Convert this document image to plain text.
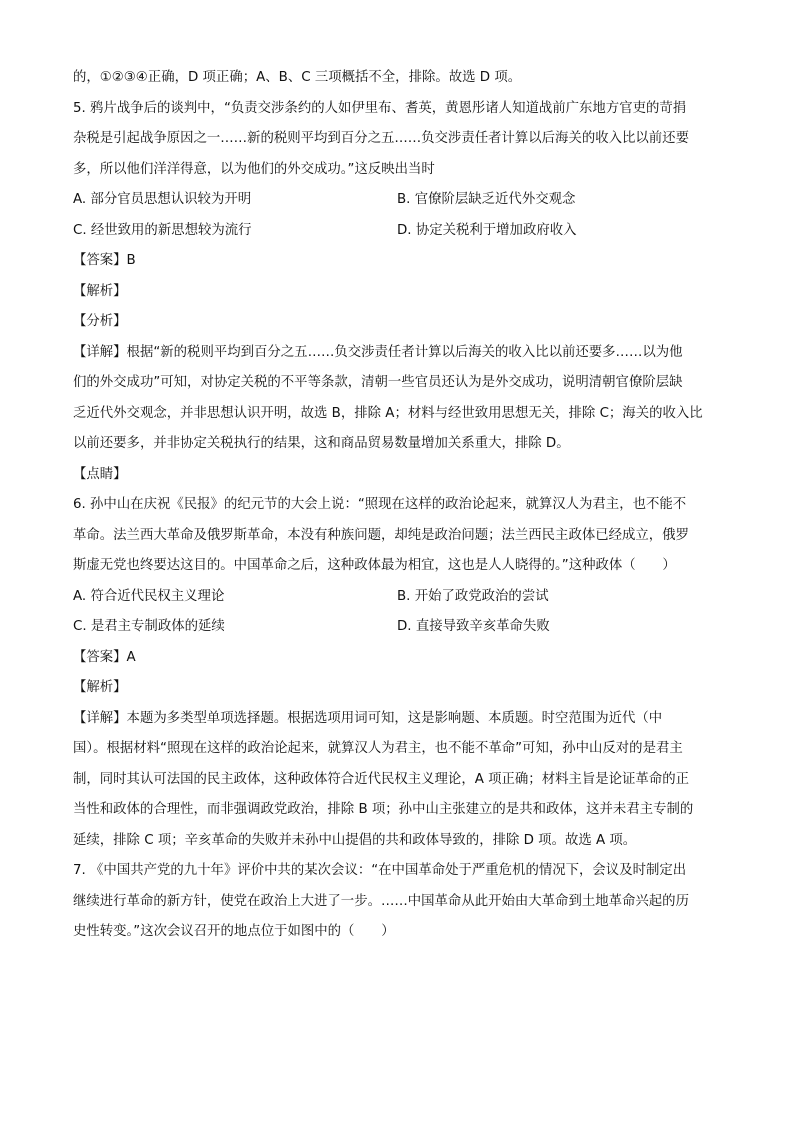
的，①②③④正确，D 项正确；A、B、C 三项概括不全，排除。故选 D 项。

5. 鸦片战争后的谈判中，“负责交涉条约的人如伊里布、耆英，黄恩彤诸人知道战前广东地方官吏的苛捐

杂税是引起战争原因之一……新的税则平均到百分之五……负交涉责任者计算以后海关的收入比以前还要

多，所以他们洋洋得意，以为他们的外交成功。”这反映出当时

A. 部分官员思想认识较为开明	B. 官僚阶层缺乏近代外交观念
C. 经世致用的新思想较为流行	D. 协定关税利于增加政府收入

【答案】B

【解析】

【分析】

【详解】根据“新的税则平均到百分之五……负交涉责任者计算以后海关的收入比以前还要多……以为他

们的外交成功”可知，对协定关税的不平等条款，清朝一些官员还认为是外交成功，说明清朝官僚阶层缺

乏近代外交观念，并非思想认识开明，故选 B，排除 A；材料与经世致用思想无关，排除 C；海关的收入比

以前还要多，并非协定关税执行的结果，这和商品贸易数量增加关系重大，排除 D。

【点睛】

6. 孙中山在庆祝《民报》的纪元节的大会上说：“照现在这样的政治论起来，就算汉人为君主，也不能不

革命。法兰西大革命及俄罗斯革命，本没有种族问题，却纯是政治问题；法兰西民主政体已经成立，俄罗

斯虚无党也终要达这目的。中国革命之后，这种政体最为相宜，这也是人人晓得的。”这种政体（　　）

A. 符合近代民权主义理论	B. 开始了政党政治的尝试
C. 是君主专制政体的延续	D. 直接导致辛亥革命失败

【答案】A

【解析】

【详解】本题为多类型单项选择题。根据选项用词可知，这是影响题、本质题。时空范围为近代（中

国）。根据材料“照现在这样的政治论起来，就算汉人为君主，也不能不革命”可知，孙中山反对的是君主

制，同时其认可法国的民主政体，这种政体符合近代民权主义理论，A 项正确；材料主旨是论证革命的正

当性和政体的合理性，而非强调政党政治，排除 B 项；孙中山主张建立的是共和政体，这并未君主专制的

延续，排除 C 项；辛亥革命的失败并未孙中山提倡的共和政体导致的，排除 D 项。故选 A 项。

7. 《中国共产党的九十年》评价中共的某次会议：“在中国革命处于严重危机的情况下，会议及时制定出

继续进行革命的新方针，使党在政治上大进了一步。……中国革命从此开始由大革命到土地革命兴起的历

史性转变。”这次会议召开的地点位于如图中的（　　）
